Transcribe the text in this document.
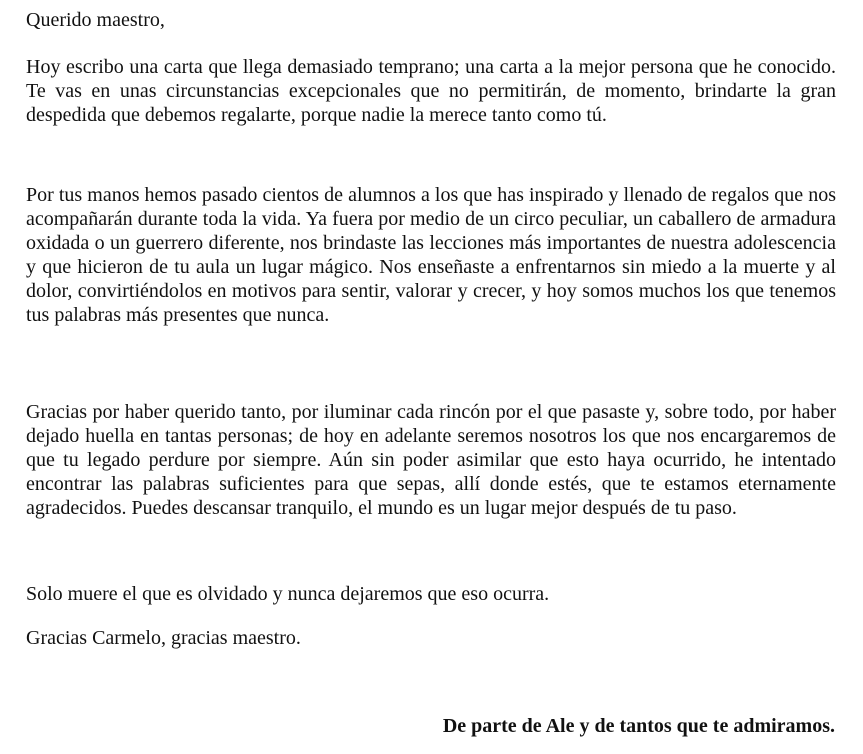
Querido maestro,

Hoy escribo una carta que llega demasiado temprano; una carta a la mejor persona que he conocido. Te vas en unas circunstancias excepcionales que no permitirán, de momento, brindarte la gran despedida que debemos regalarte, porque nadie la merece tanto como tú.

Por tus manos hemos pasado cientos de alumnos a los que has inspirado y llenado de regalos que nos acompañarán durante toda la vida. Ya fuera por medio de un circo peculiar, un caballero de armadura oxidada o un guerrero diferente, nos brindaste las lecciones más importantes de nuestra adolescencia y que hicieron de tu aula un lugar mágico. Nos enseñaste a enfrentarnos sin miedo a la muerte y al dolor, convirtiéndolos en motivos para sentir, valorar y crecer, y hoy somos muchos los que tenemos tus palabras más presentes que nunca.

Gracias por haber querido tanto, por iluminar cada rincón por el que pasaste y, sobre todo, por haber dejado huella en tantas personas; de hoy en adelante seremos nosotros los que nos encargaremos de que tu legado perdure por siempre. Aún sin poder asimilar que esto haya ocurrido, he intentado encontrar las palabras suficientes para que sepas, allí donde estés, que te estamos eternamente agradecidos. Puedes descansar tranquilo, el mundo es un lugar mejor después de tu paso.

Solo muere el que es olvidado y nunca dejaremos que eso ocurra.

Gracias Carmelo, gracias maestro.

De parte de Ale y de tantos que te admiramos.
